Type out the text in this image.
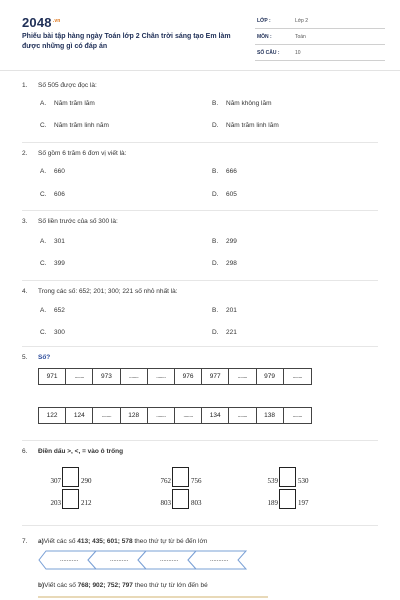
$2048^{.vn}$
Phiếu bài tập hàng ngày Toán lớp 2 Chân trời sáng tạo Em làm được những gì có đáp án
LỚP :	Lớp 2
MÔN :	Toán
SỐ CÂU :	10
1. Số 505 được đọc là:
A. Năm trăm lăm	B. Năm không lăm
C. Năm trăm linh năm	D. Năm trăm linh lăm
2. Số gồm 6 trăm 6 đơn vị viết là:
A. 660	B. 666
C. 606	D. 605
3. Số liền trước của số 300 là:
A. 301	B. 299
C. 399	D. 298
4. Trong các số: 652; 201; 300; 221 số nhỏ nhất là:
A. 652	B. 201
C. 300	D. 221
5. Số?
971	........	973	........	........	976	977	........	979	........
122	124	........	128	........	........	134	........	138	........
6. Điền dấu >, <, = vào ô trống
307	290	762	756	539	530
203	212	803	803	189	197
7. a)Viết các số 413; 435; 601; 578 theo thứ tự từ bé đến lớn
...........	...........	...........	...........
b)Viết các số 768; 902; 752; 797 theo thứ tự từ lớn đến bé
